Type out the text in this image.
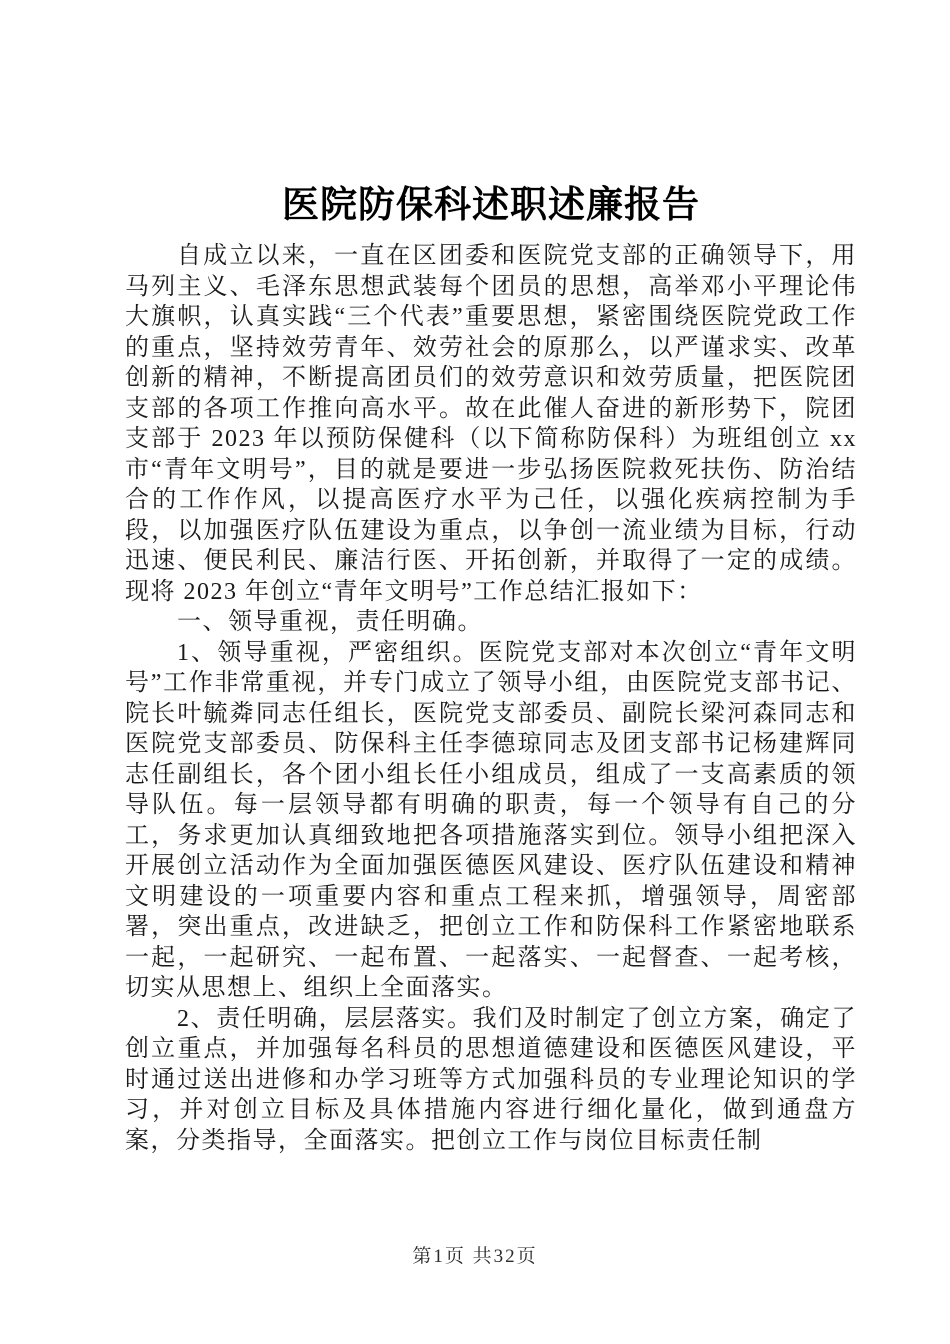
医院防保科述职述廉报告

自成立以来，一直在区团委和医院党支部的正确领导下，用马列主义、毛泽东思想武装每个团员的思想，高举邓小平理论伟大旗帜，认真实践“三个代表”重要思想，紧密围绕医院党政工作的重点，坚持效劳青年、效劳社会的原那么，以严谨求实、改革创新的精神，不断提高团员们的效劳意识和效劳质量，把医院团支部的各项工作推向高水平。故在此催人奋进的新形势下，院团支部于 2023 年以预防保健科（以下简称防保科）为班组创立 xx 市“青年文明号”，目的就是要进一步弘扬医院救死扶伤、防治结合的工作作风，以提高医疗水平为己任，以强化疾病控制为手段，以加强医疗队伍建设为重点，以争创一流业绩为目标，行动迅速、便民利民、廉洁行医、开拓创新，并取得了一定的成绩。现将 2023 年创立“青年文明号”工作总结汇报如下：

一、领导重视，责任明确。

1、领导重视，严密组织。医院党支部对本次创立“青年文明号”工作非常重视，并专门成立了领导小组，由医院党支部书记、院长叶毓粦同志任组长，医院党支部委员、副院长梁河森同志和医院党支部委员、防保科主任李德琼同志及团支部书记杨建辉同志任副组长，各个团小组长任小组成员，组成了一支高素质的领导队伍。每一层领导都有明确的职责，每一个领导有自己的分工，务求更加认真细致地把各项措施落实到位。领导小组把深入开展创立活动作为全面加强医德医风建设、医疗队伍建设和精神文明建设的一项重要内容和重点工程来抓，增强领导，周密部署，突出重点，改进缺乏，把创立工作和防保科工作紧密地联系一起，一起研究、一起布置、一起落实、一起督查、一起考核，切实从思想上、组织上全面落实。

2、责任明确，层层落实。我们及时制定了创立方案，确定了创立重点，并加强每名科员的思想道德建设和医德医风建设，平时通过送出进修和办学习班等方式加强科员的专业理论知识的学习，并对创立目标及具体措施内容进行细化量化，做到通盘方案，分类指导，全面落实。把创立工作与岗位目标责任制

第1页 共32页
